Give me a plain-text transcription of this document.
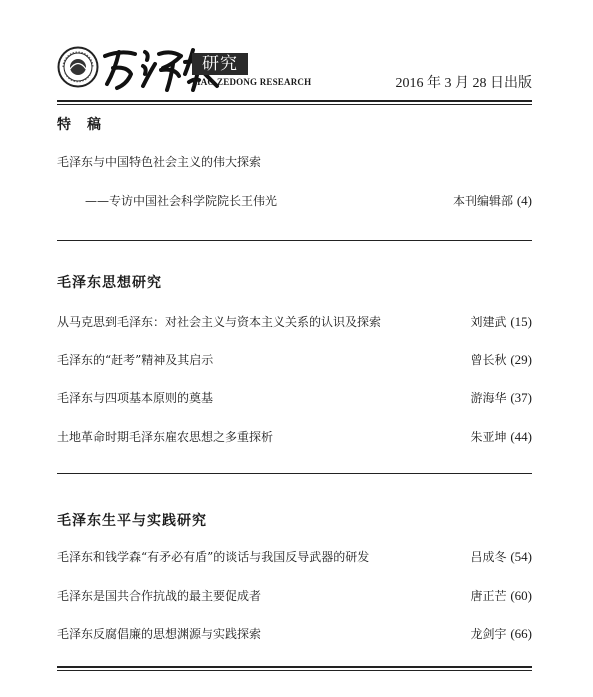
研究
MAO ZEDONG RESEARCH	2016 年 3 月 28 日出版
特　稿
毛泽东与中国特色社会主义的伟大探索
——专访中国社会科学院院长王伟光	本刊编辑部 (4)
毛泽东思想研究
从马克思到毛泽东：对社会主义与资本主义关系的认识及探索	刘建武 (15)
毛泽东的“赶考”精神及其启示	曾长秋 (29)
毛泽东与四项基本原则的奠基	游海华 (37)
土地革命时期毛泽东雇农思想之多重探析	朱亚坤 (44)
毛泽东生平与实践研究
毛泽东和钱学森“有矛必有盾”的谈话与我国反导武器的研发	吕成冬 (54)
毛泽东是国共合作抗战的最主要促成者	唐正芒 (60)
毛泽东反腐倡廉的思想渊源与实践探索	龙剑宇 (66)
